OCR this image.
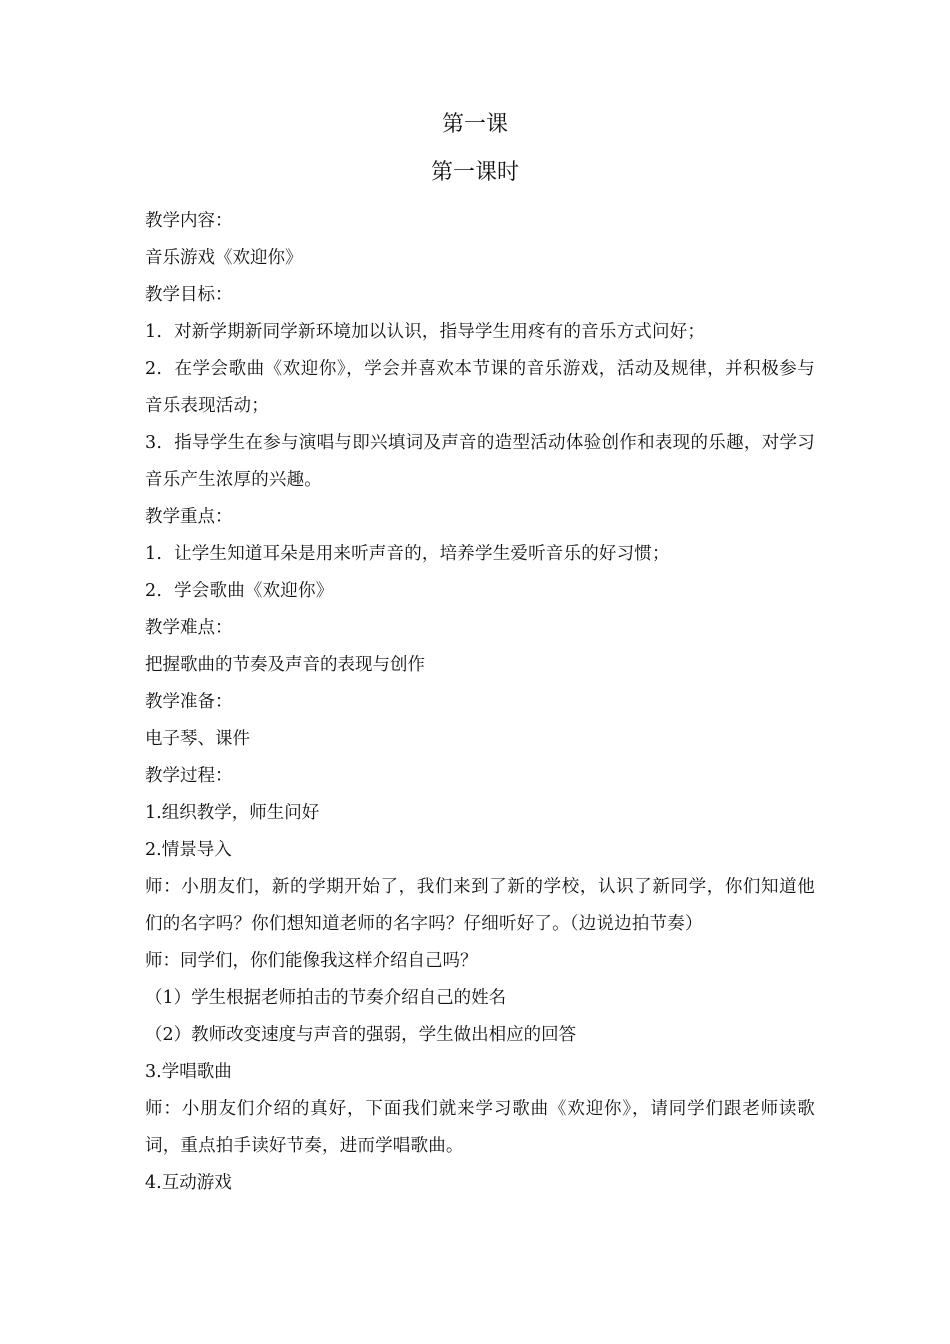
第一课
第一课时

教学内容：

音乐游戏《欢迎你》

教学目标：

1. 对新学期新同学新环境加以认识，指导学生用疼有的音乐方式问好；

2. 在学会歌曲《欢迎你》，学会并喜欢本节课的音乐游戏，活动及规律，并积极参与音乐表现活动；

3. 指导学生在参与演唱与即兴填词及声音的造型活动体验创作和表现的乐趣，对学习音乐产生浓厚的兴趣。

教学重点：

1. 让学生知道耳朵是用来听声音的，培养学生爱听音乐的好习惯；

2. 学会歌曲《欢迎你》

教学难点：

把握歌曲的节奏及声音的表现与创作

教学准备：

电子琴、课件

教学过程：

1.组织教学，师生问好

2.情景导入

师：小朋友们，新的学期开始了，我们来到了新的学校，认识了新同学，你们知道他们的名字吗？你们想知道老师的名字吗？仔细听好了。（边说边拍节奏）

师：同学们，你们能像我这样介绍自己吗？

（1）学生根据老师拍击的节奏介绍自己的姓名

（2）教师改变速度与声音的强弱，学生做出相应的回答

3.学唱歌曲

师：小朋友们介绍的真好，下面我们就来学习歌曲《欢迎你》，请同学们跟老师读歌词，重点拍手读好节奏，进而学唱歌曲。

4.互动游戏
